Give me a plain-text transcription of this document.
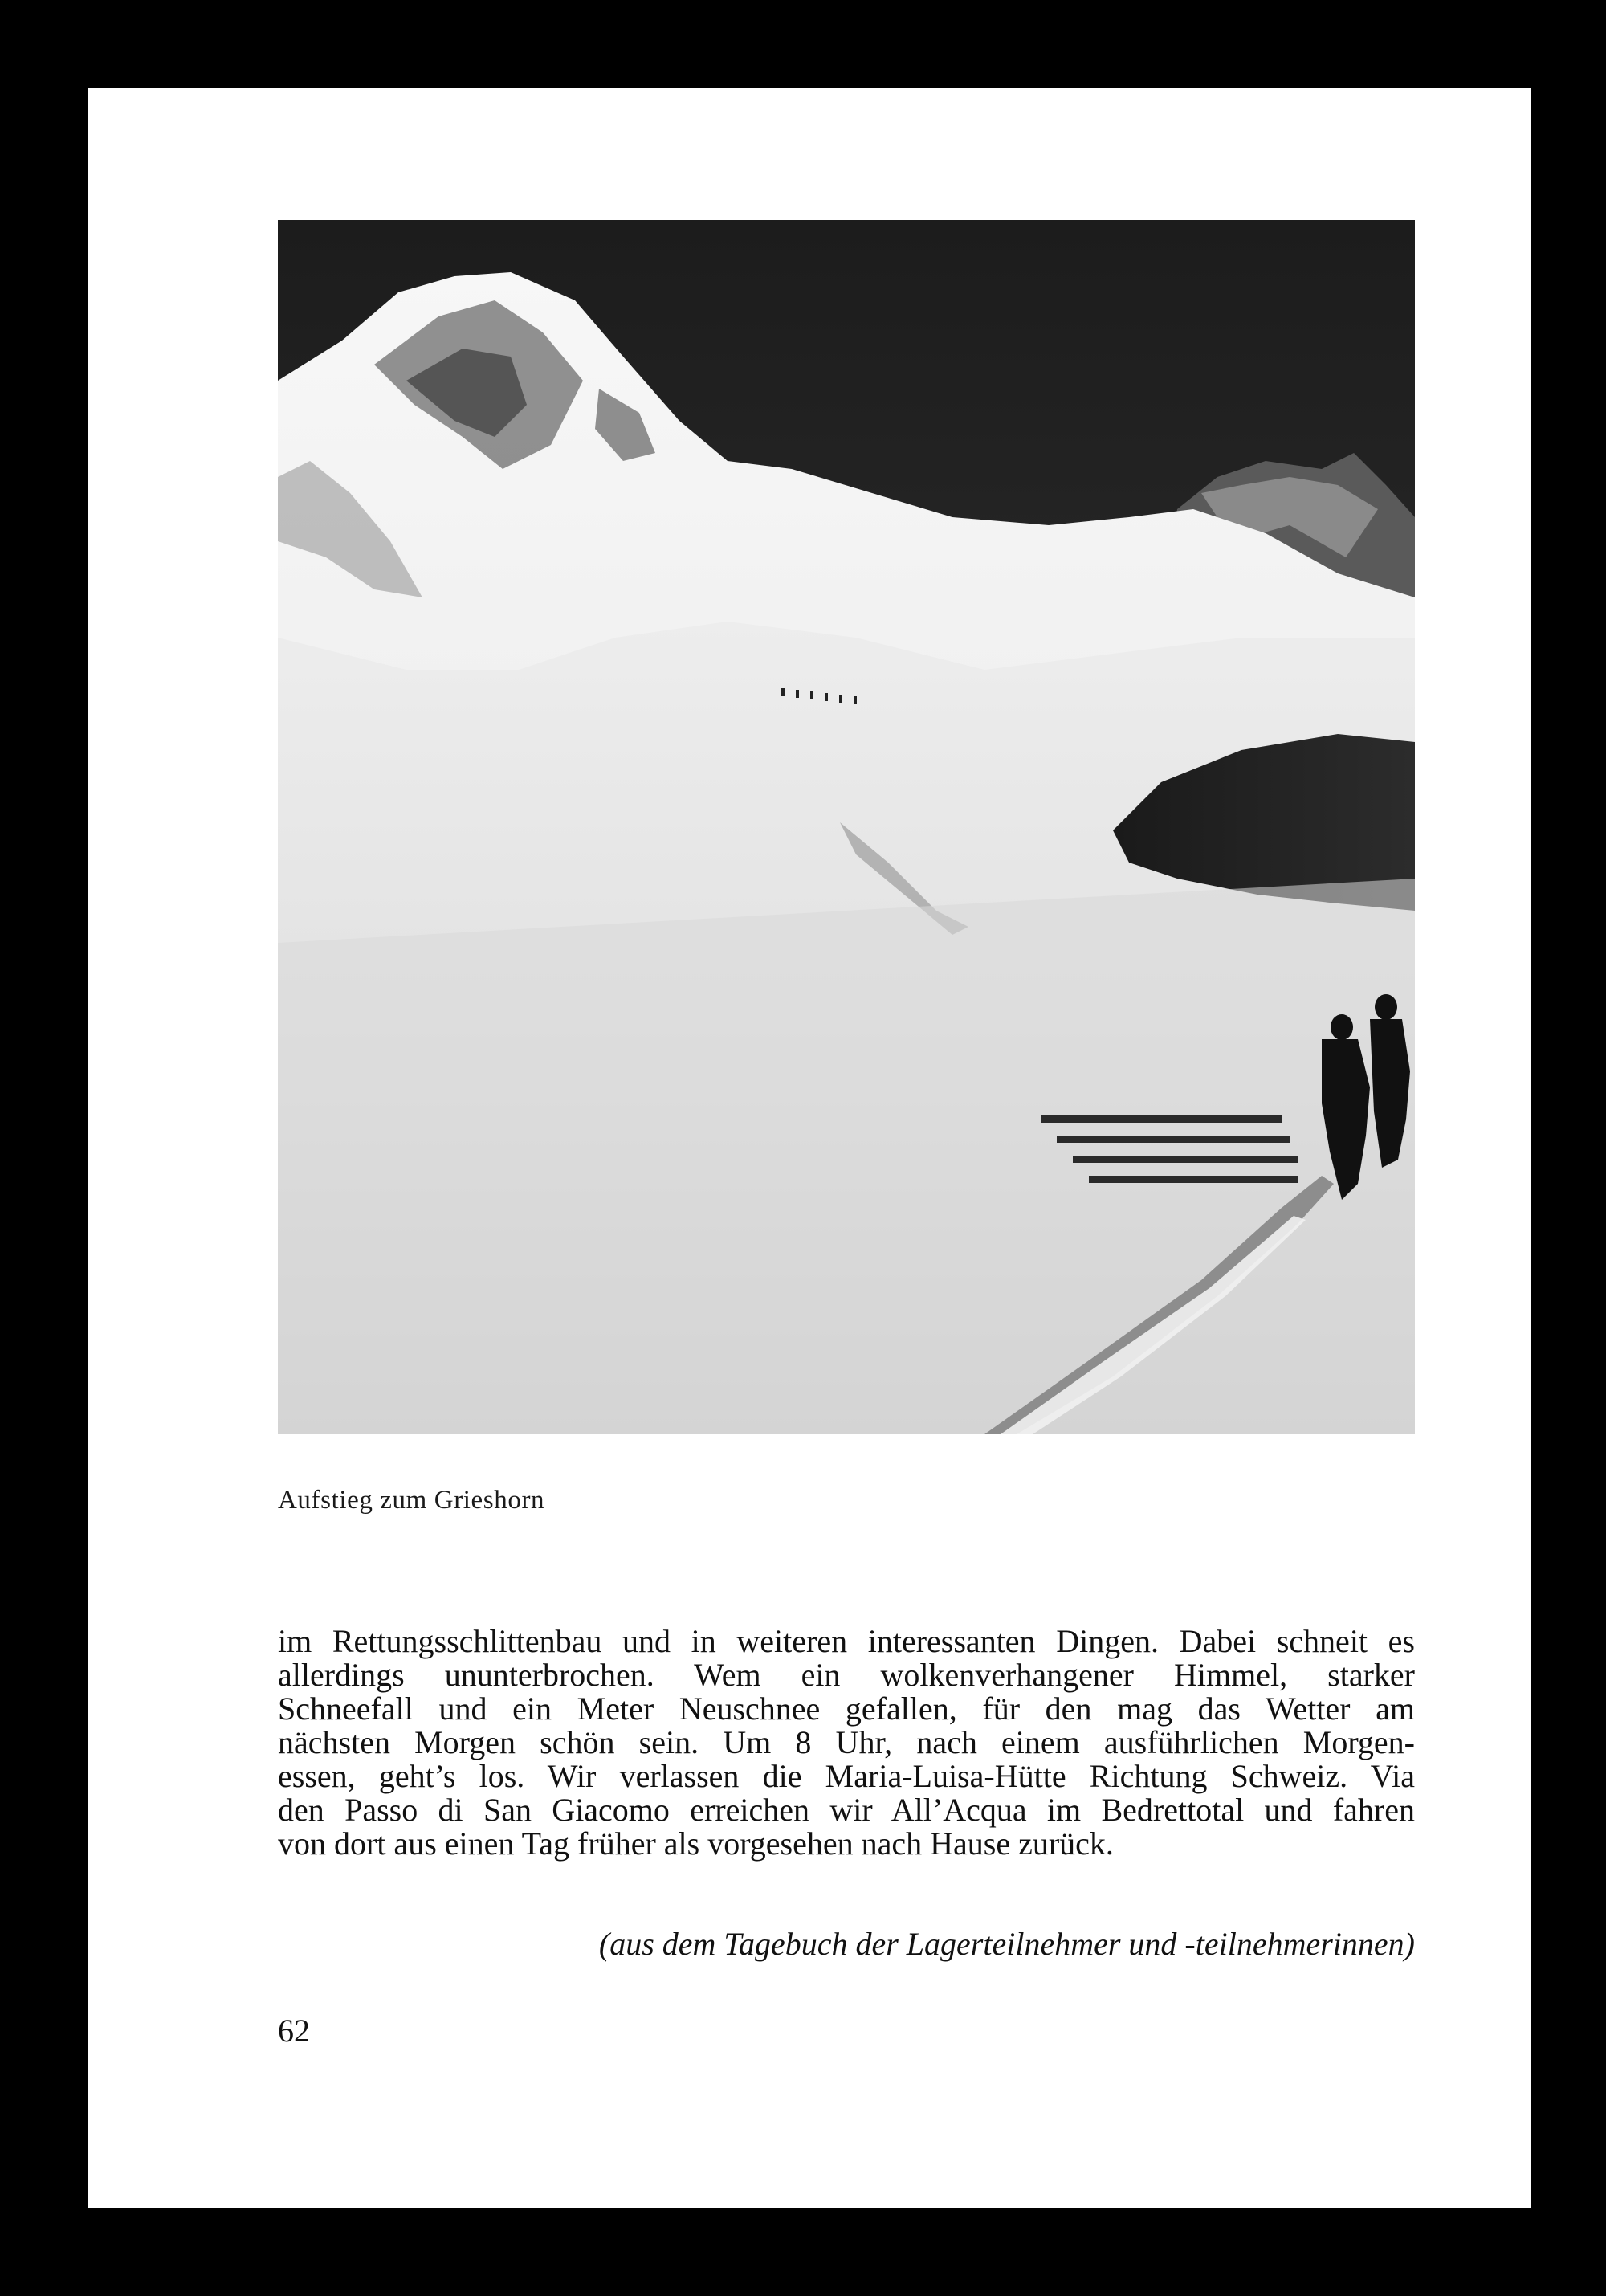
Aufstieg zum Grieshorn

im Rettungsschlittenbau und in weiteren interessanten Dingen. Dabei schneit es
allerdings ununterbrochen. Wem ein wolkenverhangener Himmel, starker
Schneefall und ein Meter Neuschnee gefallen, für den mag das Wetter am
nächsten Morgen schön sein. Um 8 Uhr, nach einem ausführlichen Morgen-
essen, geht’s los. Wir verlassen die Maria-Luisa-Hütte Richtung Schweiz. Via
den Passo di San Giacomo erreichen wir All’Acqua im Bedrettotal und fahren
von dort aus einen Tag früher als vorgesehen nach Hause zurück.

(aus dem Tagebuch der Lagerteilnehmer und -teilnehmerinnen)

62
